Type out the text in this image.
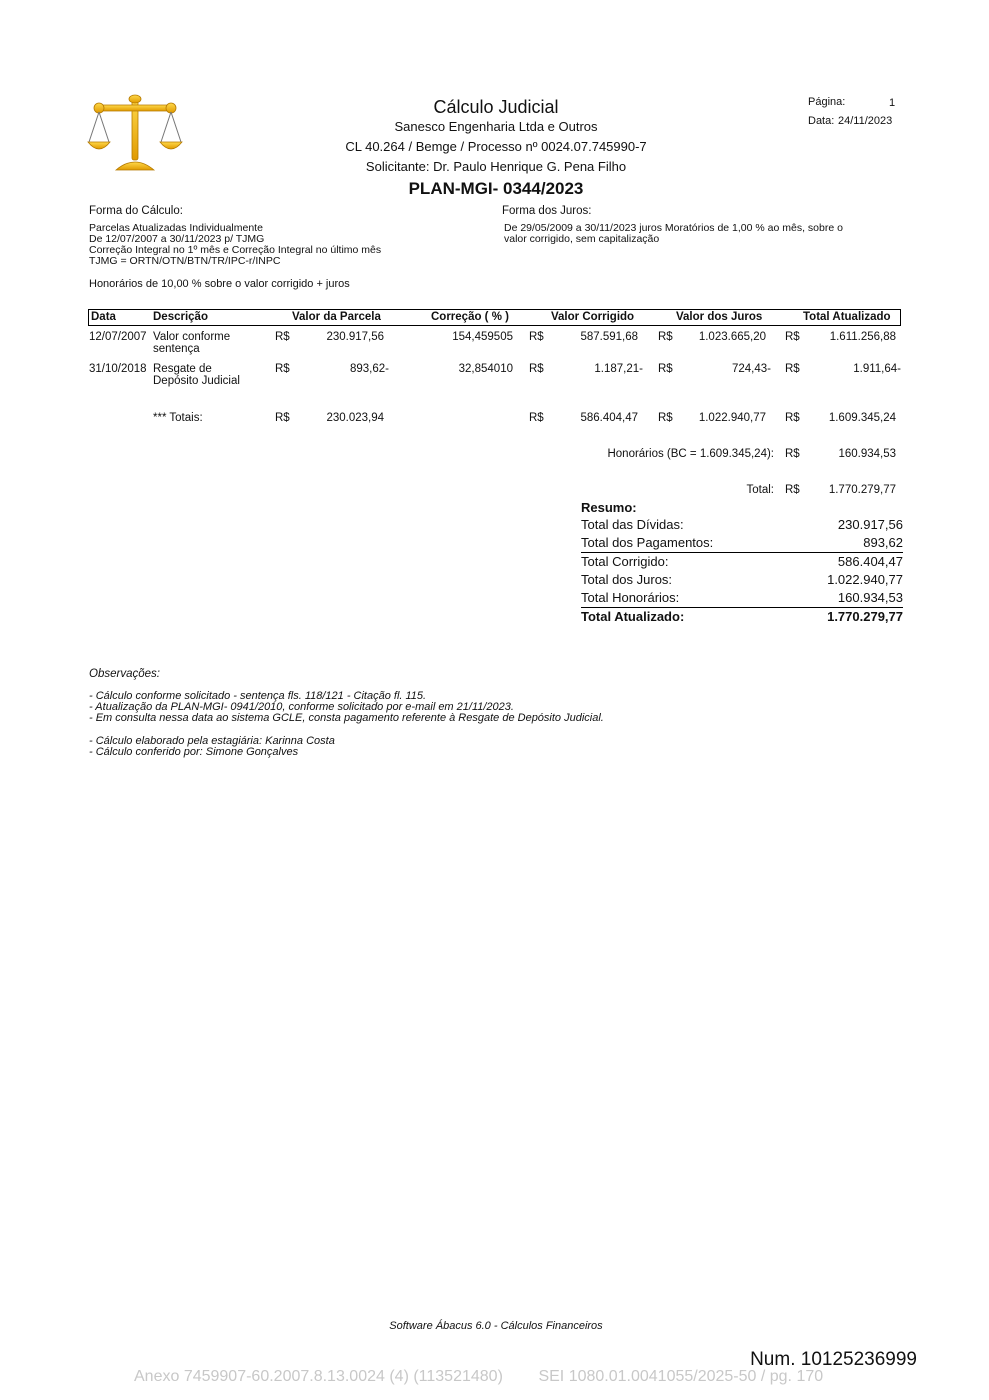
Cálculo Judicial
Sanesco Engenharia Ltda e Outros
CL 40.264 / Bemge / Processo nº 0024.07.745990-7
Solicitante: Dr. Paulo Henrique G. Pena Filho
PLAN-MGI- 0344/2023
Página:	1
Data: 24/11/2023
Forma do Cálculo:
Parcelas Atualizadas Individualmente
De 12/07/2007 a 30/11/2023 p/ TJMG
Correção Integral no 1º mês e Correção Integral no último mês
TJMG = ORTN/OTN/BTN/TR/IPC-r/INPC
Honorários de 10,00 % sobre o valor corrigido + juros
Forma dos Juros:
De 29/05/2009 a 30/11/2023 juros Moratórios de 1,00 % ao mês, sobre o
valor corrigido, sem capitalização
Data	Descrição	Valor da Parcela	Correção ( % )	Valor Corrigido	Valor dos Juros	Total Atualizado
12/07/2007 Valor conforme
sentença
R$	230.917,56	154,459505 R$	587.591,68 R$	1.023.665,20 R$	1.611.256,88
31/10/2018 Resgate de
Depósito Judicial
R$	893,62-	32,854010 R$	1.187,21- R$	724,43- R$	1.911,64-
*** Totais:	R$	230.023,94	R$	586.404,47 R$	1.022.940,77 R$	1.609.345,24
Honorários (BC = 1.609.345,24): R$	160.934,53
Total: R$	1.770.279,77
Resumo:
Total das Dívidas:	230.917,56
Total dos Pagamentos:	893,62
Total Corrigido:	586.404,47
Total dos Juros:	1.022.940,77
Total Honorários:	160.934,53
Total Atualizado:	1.770.279,77
Observações:
- Cálculo conforme solicitado - sentença fls. 118/121 - Citação fl. 115.
- Atualização da PLAN-MGI- 0941/2010, conforme solicitado por e-mail em 21/11/2023.
- Em consulta nessa data ao sistema GCLE, consta pagamento referente à Resgate de Depósito Judicial.
- Cálculo elaborado pela estagiária: Karinna Costa
- Cálculo conferido por: Simone Gonçalves
Software Ábacus 6.0 - Cálculos Financeiros
Num. 10125236999
Anexo 7459907-60.2007.8.13.0024 (4) (113521480)        SEI 1080.01.0041055/2025-50 / pg. 170
